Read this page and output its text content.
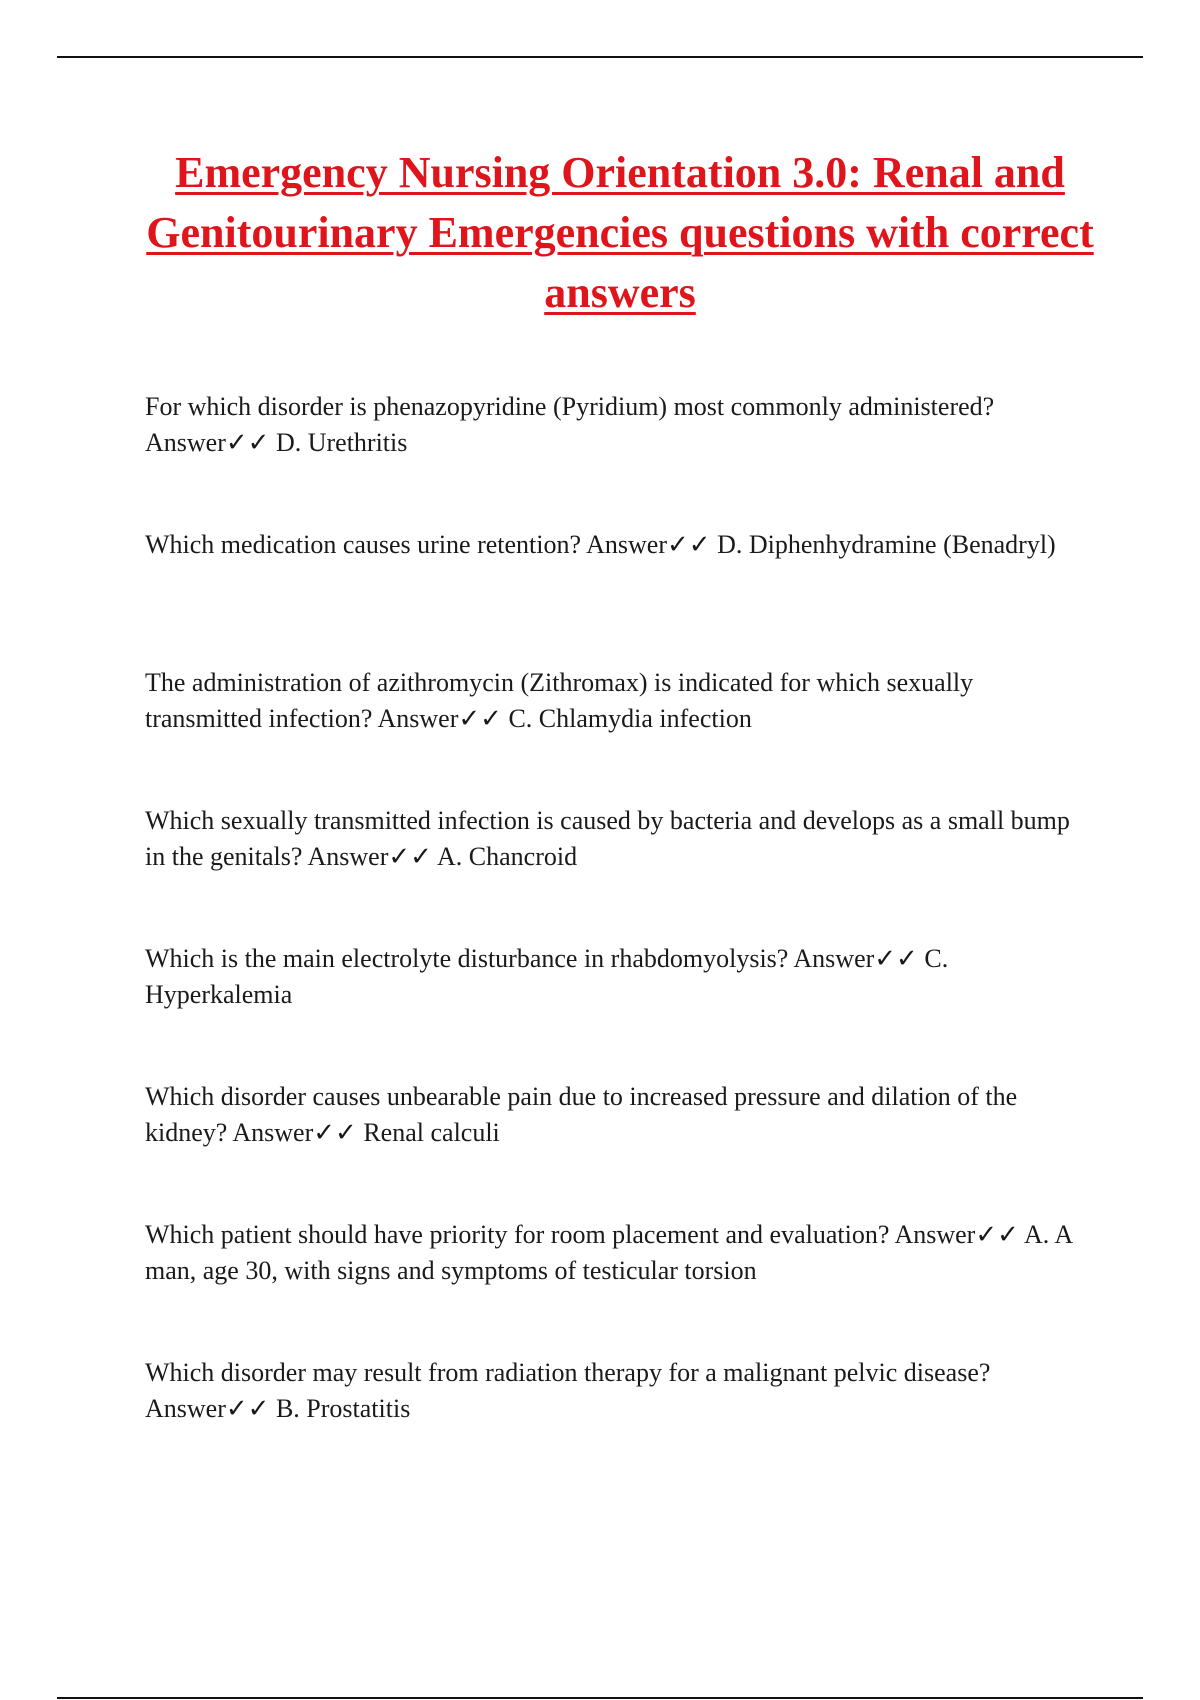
Emergency Nursing Orientation 3.0: Renal and Genitourinary Emergencies questions with correct answers
For which disorder is phenazopyridine (Pyridium) most commonly administered? Answer✓✓ D. Urethritis
Which medication causes urine retention? Answer✓✓ D. Diphenhydramine (Benadryl)
The administration of azithromycin (Zithromax) is indicated for which sexually transmitted infection? Answer✓✓ C. Chlamydia infection
Which sexually transmitted infection is caused by bacteria and develops as a small bump in the genitals? Answer✓✓ A. Chancroid
Which is the main electrolyte disturbance in rhabdomyolysis? Answer✓✓ C. Hyperkalemia
Which disorder causes unbearable pain due to increased pressure and dilation of the kidney? Answer✓✓ Renal calculi
Which patient should have priority for room placement and evaluation? Answer✓✓ A. A man, age 30, with signs and symptoms of testicular torsion
Which disorder may result from radiation therapy for a malignant pelvic disease? Answer✓✓ B. Prostatitis
